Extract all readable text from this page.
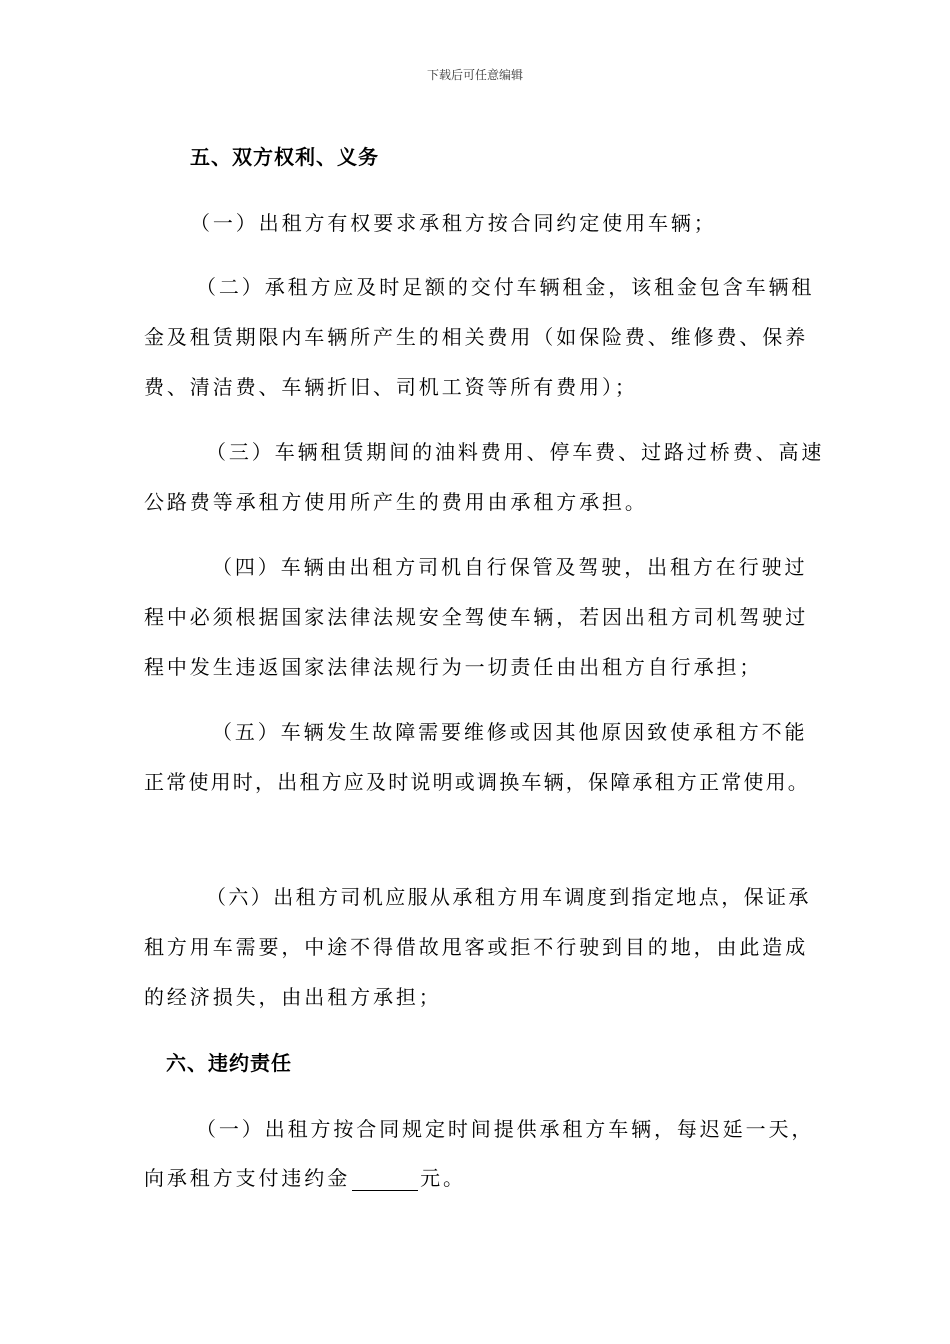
下载后可任意编辑
五、双方权利、义务
（一）出租方有权要求承租方按合同约定使用车辆；
（二）承租方应及时足额的交付车辆租金，该租金包含车辆租
金及租赁期限内车辆所产生的相关费用（如保险费、维修费、保养
费、清洁费、车辆折旧、司机工资等所有费用）；
（三）车辆租赁期间的油料费用、停车费、过路过桥费、高速
公路费等承租方使用所产生的费用由承租方承担。
（四）车辆由出租方司机自行保管及驾驶，出租方在行驶过
程中必须根据国家法律法规安全驾使车辆，若因出租方司机驾驶过
程中发生违返国家法律法规行为一切责任由出租方自行承担；
（五）车辆发生故障需要维修或因其他原因致使承租方不能
正常使用时，出租方应及时说明或调换车辆，保障承租方正常使用。
（六）出租方司机应服从承租方用车调度到指定地点，保证承
租方用车需要，中途不得借故甩客或拒不行驶到目的地，由此造成
的经济损失，由出租方承担；
六、违约责任
（一）出租方按合同规定时间提供承租方车辆，每迟延一天，
向承租方支付违约金	元。
